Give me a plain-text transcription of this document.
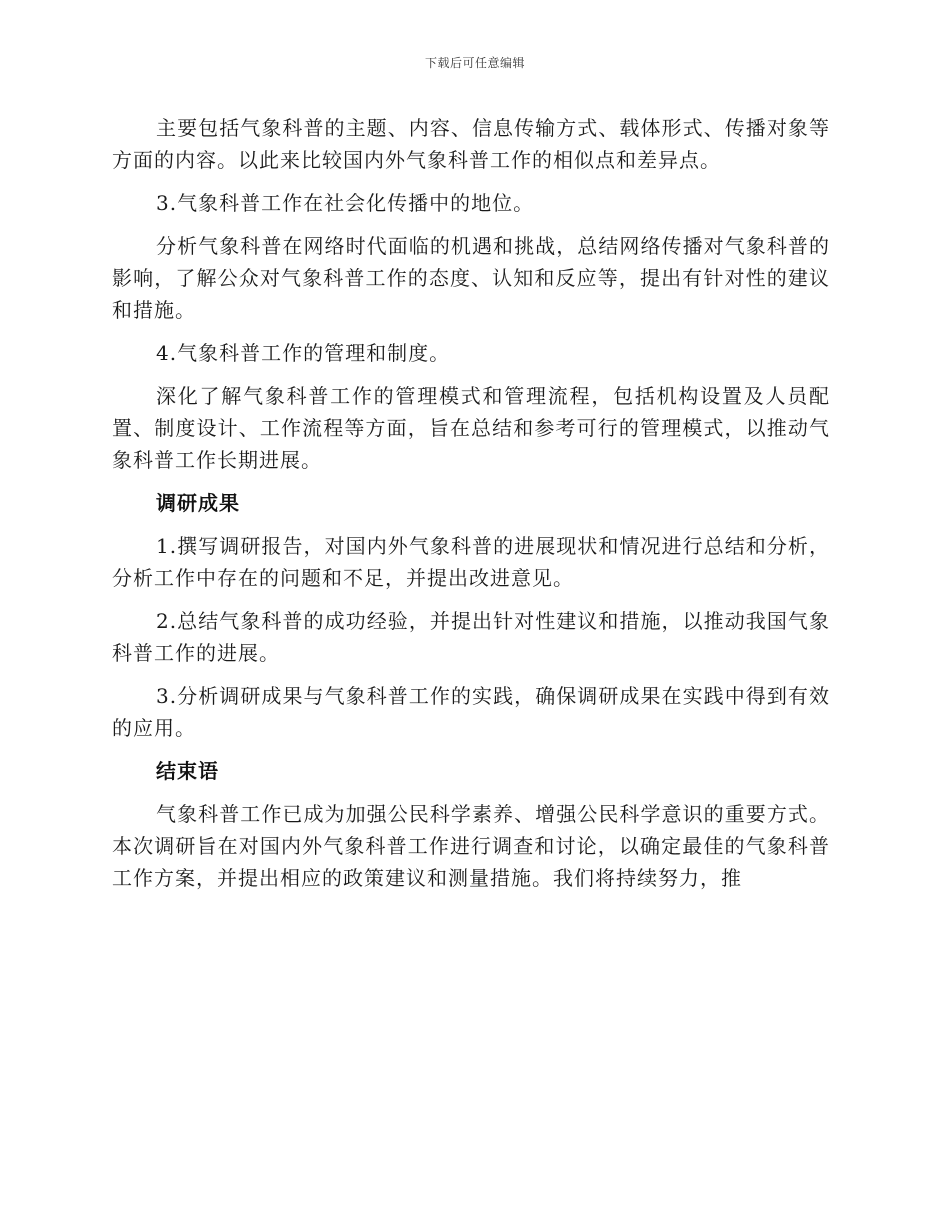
下载后可任意编辑

主要包括气象科普的主题、内容、信息传输方式、载体形式、传播对象等方面的内容。以此来比较国内外气象科普工作的相似点和差异点。

3.气象科普工作在社会化传播中的地位。

分析气象科普在网络时代面临的机遇和挑战，总结网络传播对气象科普的影响，了解公众对气象科普工作的态度、认知和反应等，提出有针对性的建议和措施。

4.气象科普工作的管理和制度。

深化了解气象科普工作的管理模式和管理流程，包括机构设置及人员配置、制度设计、工作流程等方面，旨在总结和参考可行的管理模式，以推动气象科普工作长期进展。

调研成果

1.撰写调研报告，对国内外气象科普的进展现状和情况进行总结和分析，分析工作中存在的问题和不足，并提出改进意见。

2.总结气象科普的成功经验，并提出针对性建议和措施，以推动我国气象科普工作的进展。

3.分析调研成果与气象科普工作的实践，确保调研成果在实践中得到有效的应用。

结束语

气象科普工作已成为加强公民科学素养、增强公民科学意识的重要方式。本次调研旨在对国内外气象科普工作进行调查和讨论，以确定最佳的气象科普工作方案，并提出相应的政策建议和测量措施。我们将持续努力，推
